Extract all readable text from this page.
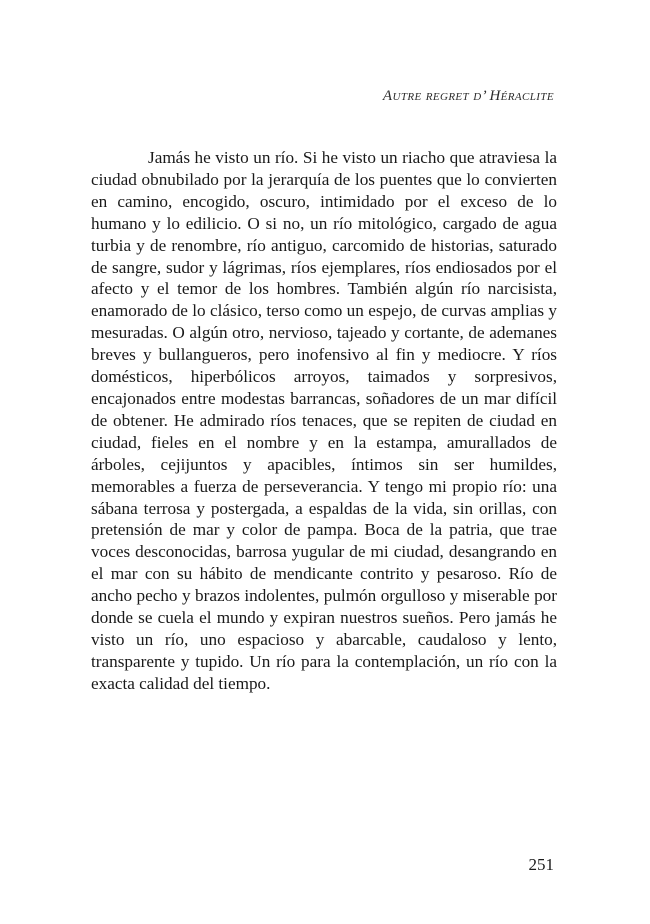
Autre regret d’ Héraclite

Jamás he visto un río. Si he visto un riacho que atraviesa la ciudad obnubilado por la jerarquía de los puentes que lo convierten en camino, encogido, oscuro, intimidado por el exceso de lo humano y lo edilicio. O si no, un río mitológico, cargado de agua turbia y de renombre, río antiguo, carcomido de historias, saturado de sangre, sudor y lágrimas, ríos ejemplares, ríos endiosados por el afecto y el temor de los hombres. También algún río narcisista, enamorado de lo clásico, terso como un espejo, de curvas amplias y mesuradas. O algún otro, nervioso, tajeado y cortante, de ademanes breves y bullangueros, pero inofensivo al fin y mediocre. Y ríos domésticos, hiperbólicos arroyos, taimados y sorpresivos, encajonados entre modestas barrancas, soñadores de un mar difícil de obtener. He admirado ríos tenaces, que se repiten de ciudad en ciudad, fieles en el nombre y en la estampa, amurallados de árboles, cejijuntos y apacibles, íntimos sin ser humildes, memorables a fuerza de perseverancia. Y tengo mi propio río: una sábana terrosa y postergada, a espaldas de la vida, sin orillas, con pretensión de mar y color de pampa. Boca de la patria, que trae voces desconocidas, barrosa yugular de mi ciudad, desangrando en el mar con su hábito de mendicante contrito y pesaroso. Río de ancho pecho y brazos indolentes, pulmón orgulloso y miserable por donde se cuela el mundo y expiran nuestros sueños. Pero jamás he visto un río, uno espacioso y abarcable, caudaloso y lento, transparente y tupido. Un río para la contemplación, un río con la exacta calidad del tiempo.

251
